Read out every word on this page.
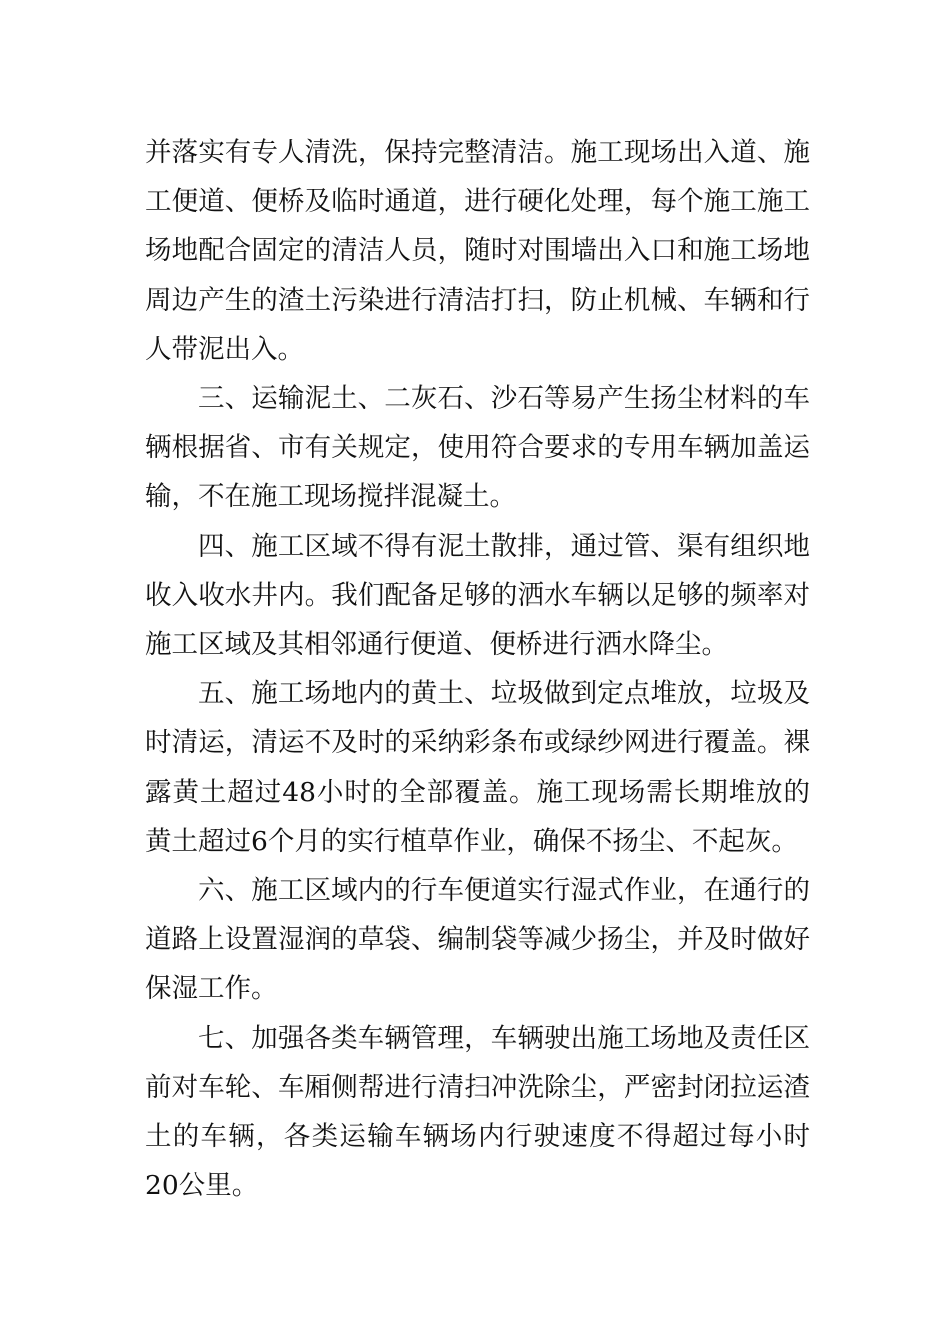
并落实有专人清洗，保持完整清洁。施工现场出入道、施工便道、便桥及临时通道，进行硬化处理，每个施工施工场地配合固定的清洁人员，随时对围墙出入口和施工场地周边产生的渣土污染进行清洁打扫，防止机械、车辆和行人带泥出入。

三、运输泥土、二灰石、沙石等易产生扬尘材料的车辆根据省、市有关规定，使用符合要求的专用车辆加盖运输，不在施工现场搅拌混凝土。

四、施工区域不得有泥土散排，通过管、渠有组织地收入收水井内。我们配备足够的洒水车辆以足够的频率对施工区域及其相邻通行便道、便桥进行洒水降尘。

五、施工场地内的黄土、垃圾做到定点堆放，垃圾及时清运，清运不及时的采纳彩条布或绿纱网进行覆盖。裸露黄土超过48小时的全部覆盖。施工现场需长期堆放的黄土超过6个月的实行植草作业，确保不扬尘、不起灰。

六、施工区域内的行车便道实行湿式作业，在通行的道路上设置湿润的草袋、编制袋等减少扬尘，并及时做好保湿工作。

七、加强各类车辆管理，车辆驶出施工场地及责任区前对车轮、车厢侧帮进行清扫冲洗除尘，严密封闭拉运渣土的车辆，各类运输车辆场内行驶速度不得超过每小时20公里。
